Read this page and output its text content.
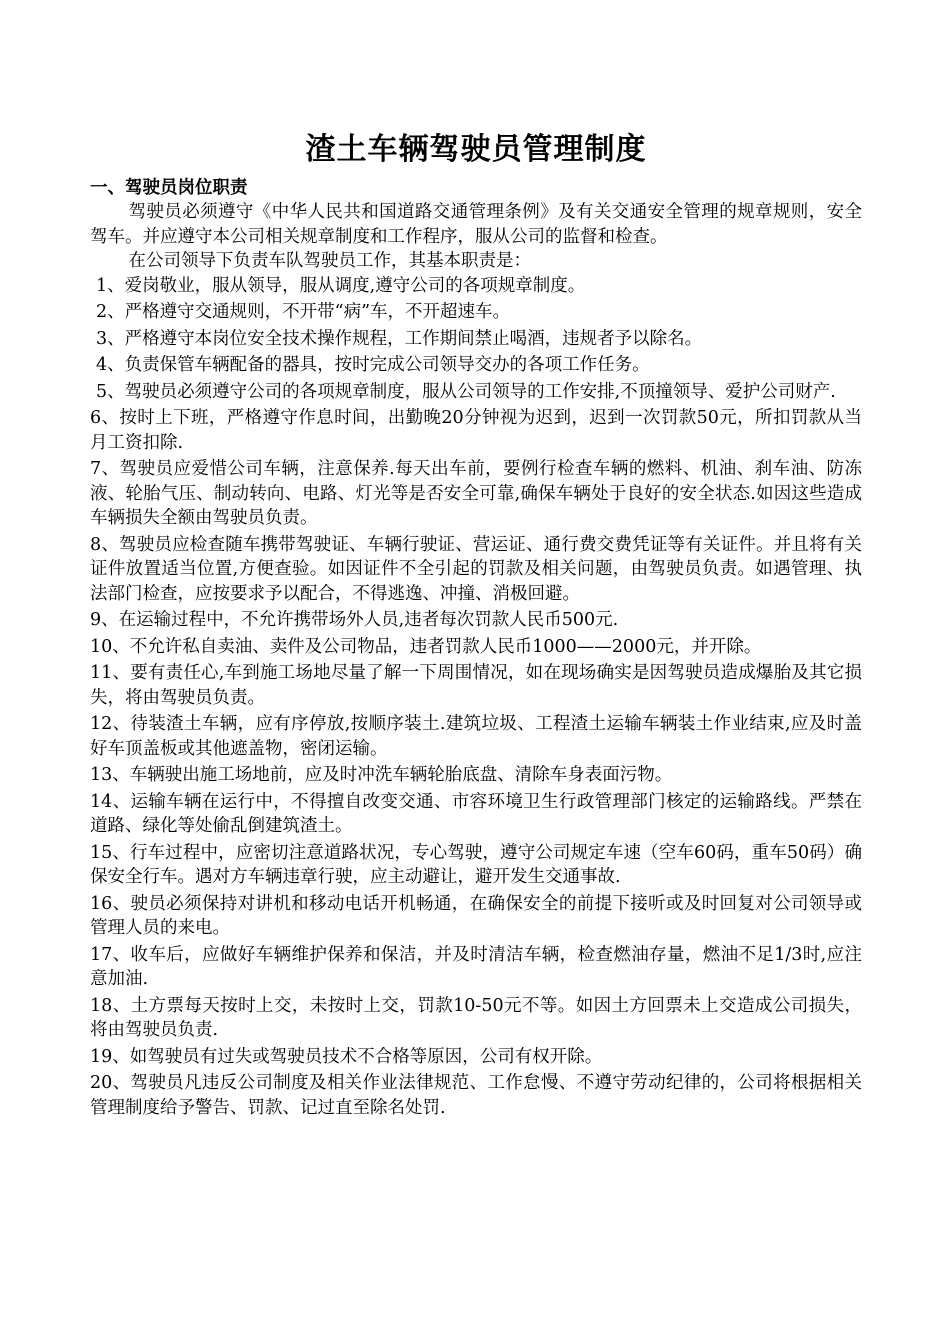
渣土车辆驾驶员管理制度

一、驾驶员岗位职责

驾驶员必须遵守《中华人民共和国道路交通管理条例》及有关交通安全管理的规章规则，安全驾车。并应遵守本公司相关规章制度和工作程序，服从公司的监督和检查。

在公司领导下负责车队驾驶员工作，其基本职责是：

1、爱岗敬业，服从领导，服从调度,遵守公司的各项规章制度。

2、严格遵守交通规则，不开带“病”车，不开超速车。

3、严格遵守本岗位安全技术操作规程，工作期间禁止喝酒，违规者予以除名。

4、负责保管车辆配备的器具，按时完成公司领导交办的各项工作任务。

5、驾驶员必须遵守公司的各项规章制度，服从公司领导的工作安排,不顶撞领导、爱护公司财产.

6、按时上下班，严格遵守作息时间，出勤晚20分钟视为迟到，迟到一次罚款50元，所扣罚款从当月工资扣除.

7、驾驶员应爱惜公司车辆，注意保养.每天出车前，要例行检查车辆的燃料、机油、刹车油、防冻液、轮胎气压、制动转向、电路、灯光等是否安全可靠,确保车辆处于良好的安全状态.如因这些造成车辆损失全额由驾驶员负责。

8、驾驶员应检查随车携带驾驶证、车辆行驶证、营运证、通行费交费凭证等有关证件。并且将有关证件放置适当位置,方便查验。如因证件不全引起的罚款及相关问题，由驾驶员负责。如遇管理、执法部门检查，应按要求予以配合，不得逃逸、冲撞、消极回避。

9、在运输过程中，不允许携带场外人员,违者每次罚款人民币500元.

10、不允许私自卖油、卖件及公司物品，违者罚款人民币1000——2000元，并开除。

11、要有责任心,车到施工场地尽量了解一下周围情况，如在现场确实是因驾驶员造成爆胎及其它损失，将由驾驶员负责。

12、待装渣土车辆，应有序停放,按顺序装土.建筑垃圾、工程渣土运输车辆装土作业结束,应及时盖好车顶盖板或其他遮盖物，密闭运输。

13、车辆驶出施工场地前，应及时冲洗车辆轮胎底盘、清除车身表面污物。

14、运输车辆在运行中，不得擅自改变交通、市容环境卫生行政管理部门核定的运输路线。严禁在道路、绿化等处偷乱倒建筑渣土。

15、行车过程中，应密切注意道路状况，专心驾驶，遵守公司规定车速（空车60码，重车50码）确保安全行车。遇对方车辆违章行驶，应主动避让，避开发生交通事故.

16、驶员必须保持对讲机和移动电话开机畅通，在确保安全的前提下接听或及时回复对公司领导或管理人员的来电。

17、收车后，应做好车辆维护保养和保洁，并及时清洁车辆，检查燃油存量，燃油不足1/3时,应注意加油.

18、土方票每天按时上交，未按时上交，罚款10-50元不等。如因土方回票未上交造成公司损失，将由驾驶员负责.

19、如驾驶员有过失或驾驶员技术不合格等原因，公司有权开除。

20、驾驶员凡违反公司制度及相关作业法律规范、工作怠慢、不遵守劳动纪律的，公司将根据相关管理制度给予警告、罚款、记过直至除名处罚.
